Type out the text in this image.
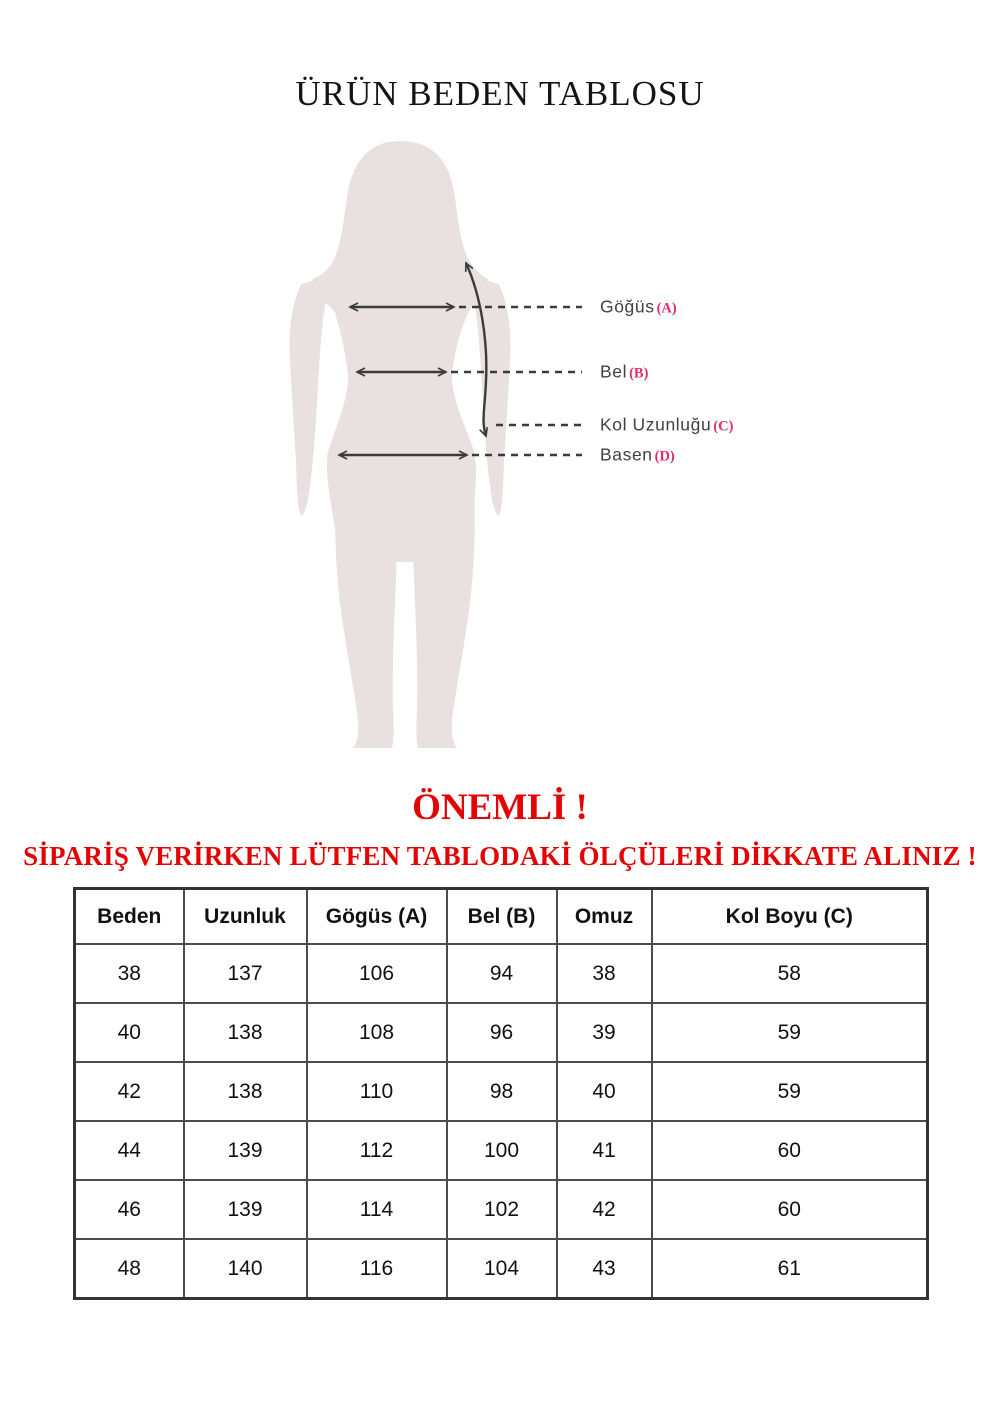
ÜRÜN BEDEN TABLOSU
Göğüs (A)
Bel (B)
Kol Uzunluğu (C)
Basen (D)
ÖNEMLİ !
SİPARİŞ VERİRKEN LÜTFEN TABLODAKİ ÖLÇÜLERİ DİKKATE ALINIZ !
Beden	Uzunluk	Gögüs (A)	Bel (B)	Omuz	Kol Boyu (C)
38	137	106	94	38	58
40	138	108	96	39	59
42	138	110	98	40	59
44	139	112	100	41	60
46	139	114	102	42	60
48	140	116	104	43	61
